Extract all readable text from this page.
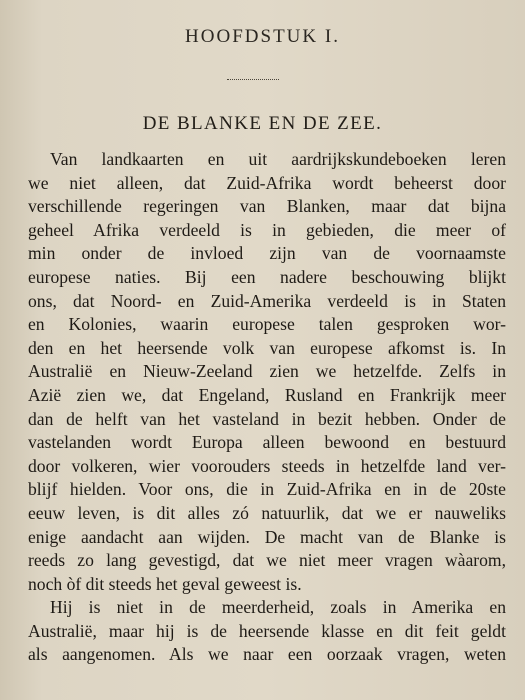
HOOFDSTUK I.
DE BLANKE EN DE ZEE.
Van landkaarten en uit aardrijkskundeboeken leren
we niet alleen, dat Zuid-Afrika wordt beheerst door
verschillende regeringen van Blanken, maar dat bijna
geheel Afrika verdeeld is in gebieden, die meer of
min onder de invloed zijn van de voornaamste
europese naties. Bij een nadere beschouwing blijkt
ons, dat Noord- en Zuid-Amerika verdeeld is in Staten
en Kolonies, waarin europese talen gesproken wor-
den en het heersende volk van europese afkomst is. In
Australië en Nieuw-Zeeland zien we hetzelfde. Zelfs in
Azië zien we, dat Engeland, Rusland en Frankrijk meer
dan de helft van het vasteland in bezit hebben. Onder de
vastelanden wordt Europa alleen bewoond en bestuurd
door volkeren, wier voorouders steeds in hetzelfde land ver-
blijf hielden. Voor ons, die in Zuid-Afrika en in de 20ste
eeuw leven, is dit alles zó natuurlik, dat we er nauweliks
enige aandacht aan wijden. De macht van de Blanke is
reeds zo lang gevestigd, dat we niet meer vragen wàarom,
noch òf dit steeds het geval geweest is.
Hij is niet in de meerderheid, zoals in Amerika en
Australië, maar hij is de heersende klasse en dit feit geldt
als aangenomen. Als we naar een oorzaak vragen, weten
